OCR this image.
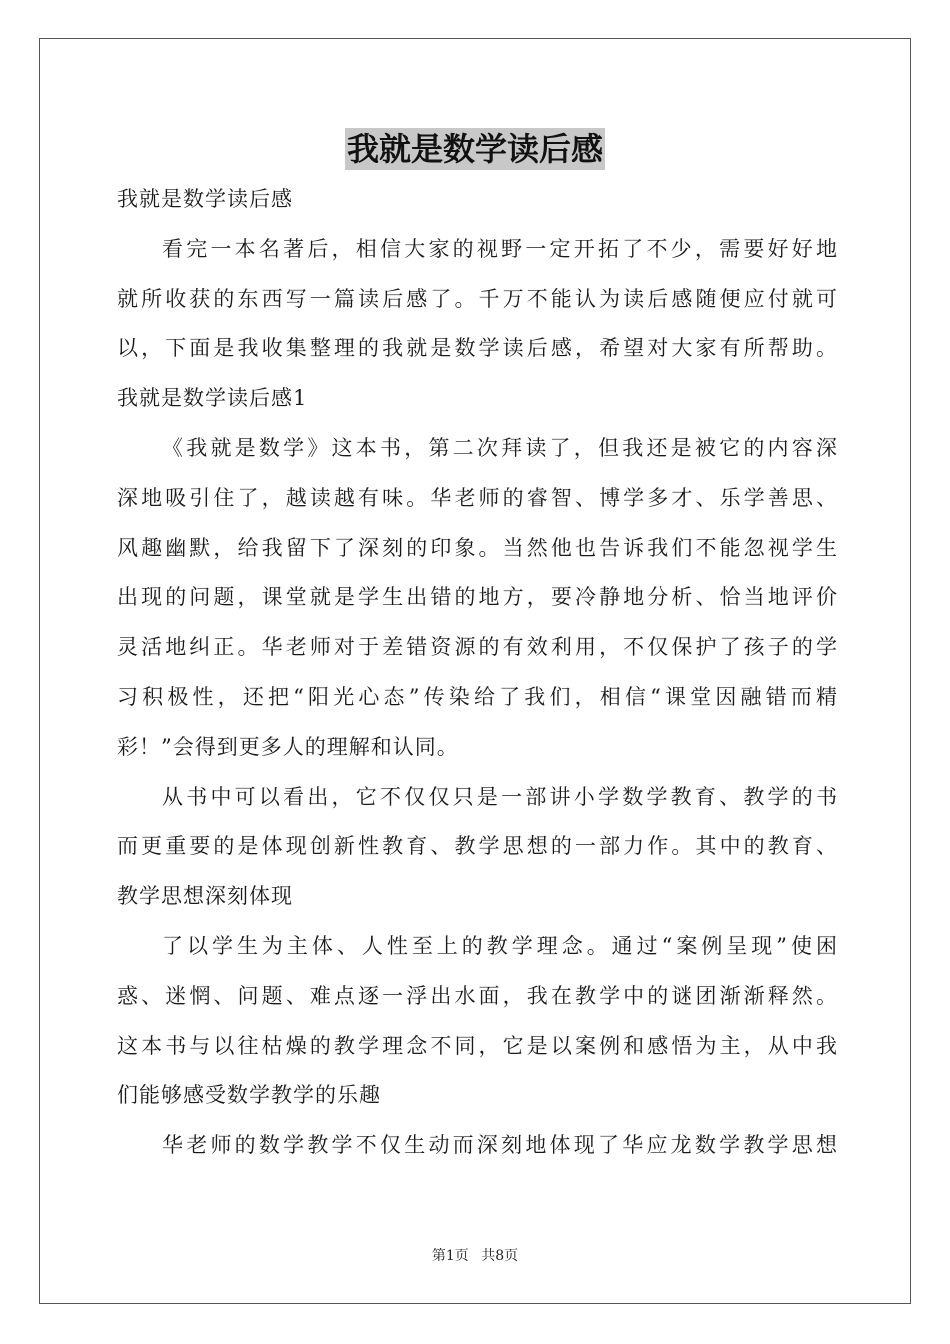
我就是数学读后感
我就是数学读后感
看完一本名著后，相信大家的视野一定开拓了不少，需要好好地
就所收获的东西写一篇读后感了。千万不能认为读后感随便应付就可
以，下面是我收集整理的我就是数学读后感，希望对大家有所帮助。
我就是数学读后感1
《我就是数学》这本书，第二次拜读了，但我还是被它的内容深
深地吸引住了，越读越有味。华老师的睿智、博学多才、乐学善思、
风趣幽默，给我留下了深刻的印象。当然他也告诉我们不能忽视学生
出现的问题，课堂就是学生出错的地方，要冷静地分析、恰当地评价
灵活地纠正。华老师对于差错资源的有效利用，不仅保护了孩子的学
习积极性，还把“阳光心态”传染给了我们，相信“课堂因融错而精
彩！”会得到更多人的理解和认同。
从书中可以看出，它不仅仅只是一部讲小学数学教育、教学的书
而更重要的是体现创新性教育、教学思想的一部力作。其中的教育、
教学思想深刻体现
了以学生为主体、人性至上的教学理念。通过“案例呈现”使困
惑、迷惘、问题、难点逐一浮出水面，我在教学中的谜团渐渐释然。
这本书与以往枯燥的教学理念不同，它是以案例和感悟为主，从中我
们能够感受数学教学的乐趣
华老师的数学教学不仅生动而深刻地体现了华应龙数学教学思想
第1页 共8页
